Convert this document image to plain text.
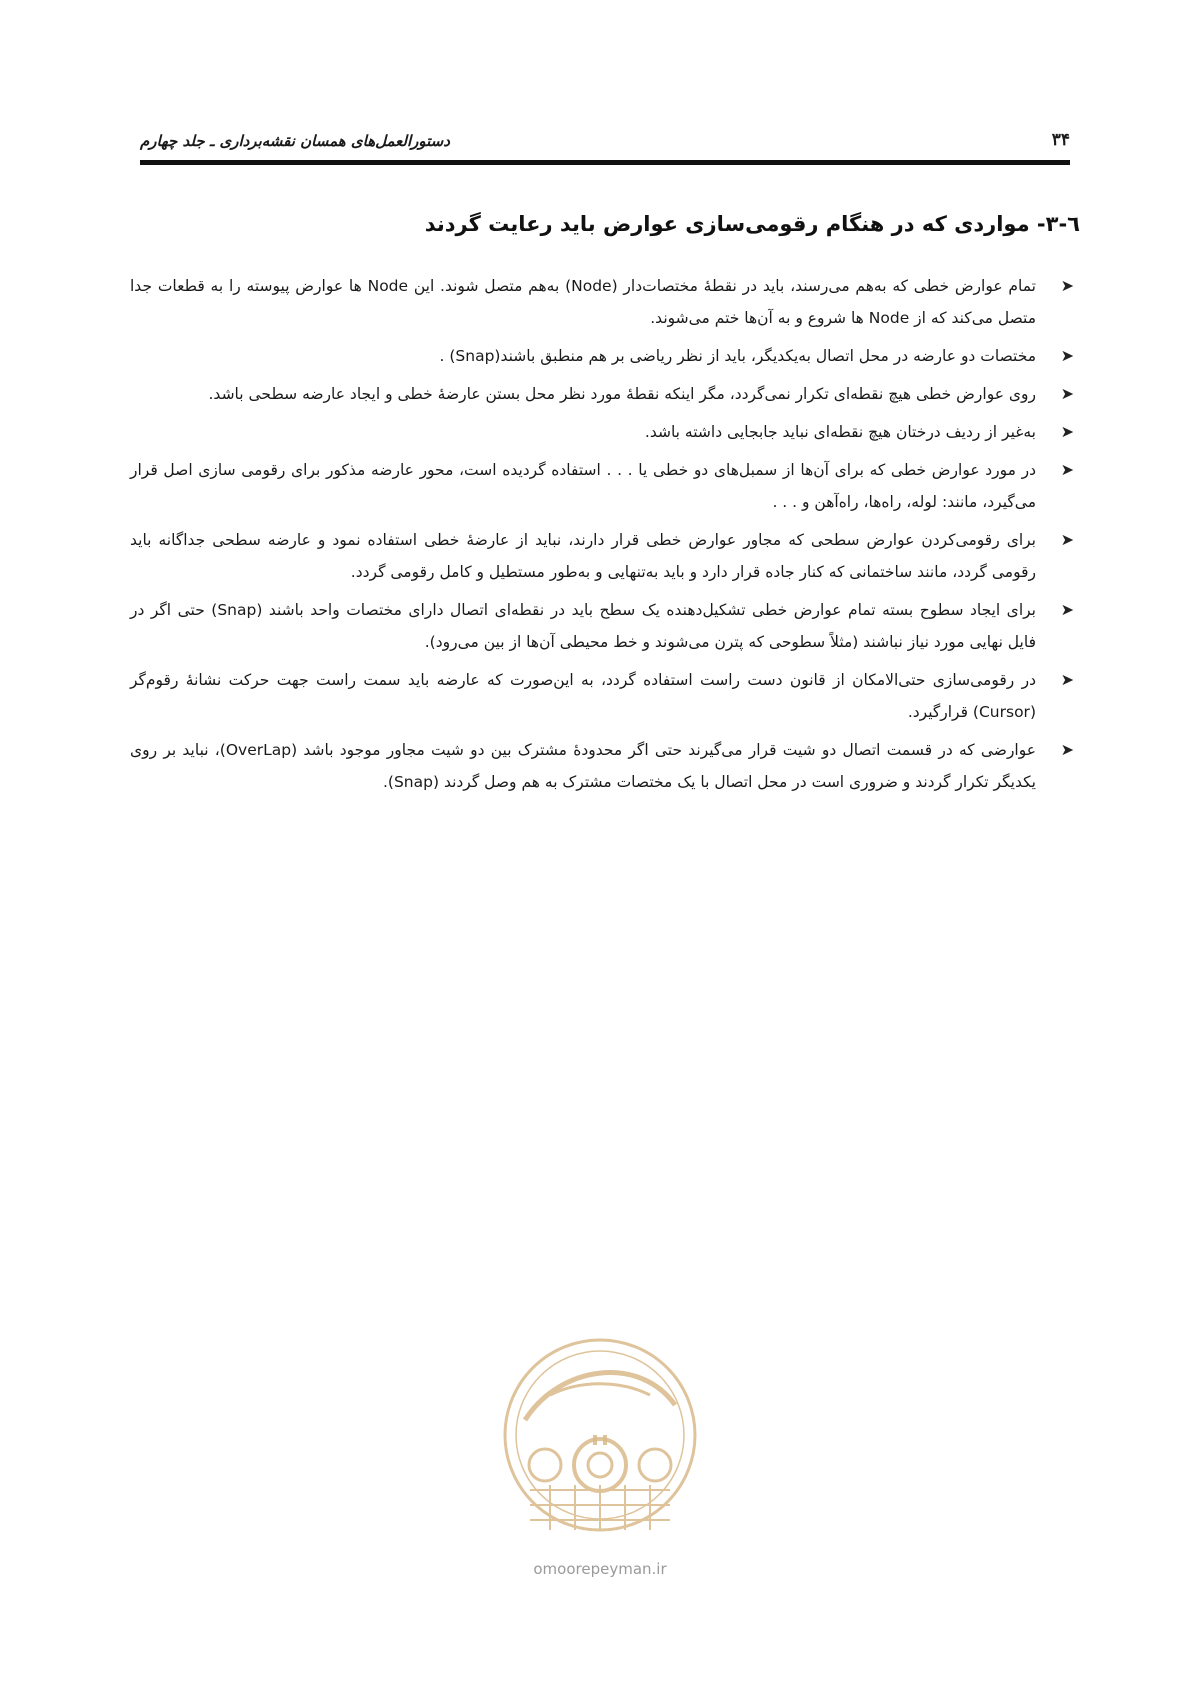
۳۴
دستورالعمل‌های همسان نقشه‌برداری ـ جلد چهارم
٦-٣- مواردی که در هنگام رقومی‌سازی عوارض باید رعایت گردند
➤
تمام عوارض خطی که به‌هم می‌رسند، باید در نقطهٔ مختصات‌دار (Node) به‌هم متصل شوند. این Node ها عوارض پیوسته را به قطعات جدا متصل می‌کند که از Node ها شروع و به آن‌ها ختم می‌شوند.
➤
مختصات دو عارضه در محل اتصال به‌یکدیگر، باید از نظر ریاضی بر هم منطبق باشند(Snap) .
➤
روی عوارض خطی هیچ نقطه‌ای تکرار نمی‌گردد، مگر اینکه نقطهٔ مورد نظر محل بستن عارضهٔ خطی و ایجاد عارضه سطحی باشد.
➤
به‌غیر از ردیف درختان هیچ نقطه‌ای نباید جابجایی داشته باشد.
➤
در مورد عوارض خطی که برای آن‌ها از سمبل‌های دو خطی یا . . . استفاده گردیده است، محور عارضه مذکور برای رقومی سازی اصل قرار می‌گیرد، مانند: لوله، راه‌ها، راه‌آهن و . . .
➤
برای رقومی‌کردن عوارض سطحی که مجاور عوارض خطی قرار دارند، نباید از عارضهٔ خطی استفاده نمود و عارضه سطحی جداگانه باید رقومی گردد، مانند ساختمانی که کنار جاده قرار دارد و باید به‌تنهایی و به‌طور مستطیل و کامل رقومی گردد.
➤
برای ایجاد سطوح بسته تمام عوارض خطی تشکیل‌دهنده یک سطح باید در نقطه‌ای اتصال دارای مختصات واحد باشند (Snap) حتی اگر در فایل نهایی مورد نیاز نباشند (مثلاً سطوحی که پترن می‌شوند و خط محیطی آن‌ها از بین می‌رود).
➤
در رقومی‌سازی حتی‌الامکان از قانون دست راست استفاده گردد، به این‌صورت که عارضه باید سمت راست جهت حرکت نشانهٔ رقوم‌گر (Cursor) قرارگیرد.
➤
عوارضی که در قسمت اتصال دو شیت قرار می‌گیرند حتی اگر محدودهٔ مشترک بین دو شیت مجاور موجود باشد (OverLap)، نباید بر روی یکدیگر تکرار گردند و ضروری است در محل اتصال با یک مختصات مشترک به هم وصل گردند (Snap).
omoorepeyman.ir
